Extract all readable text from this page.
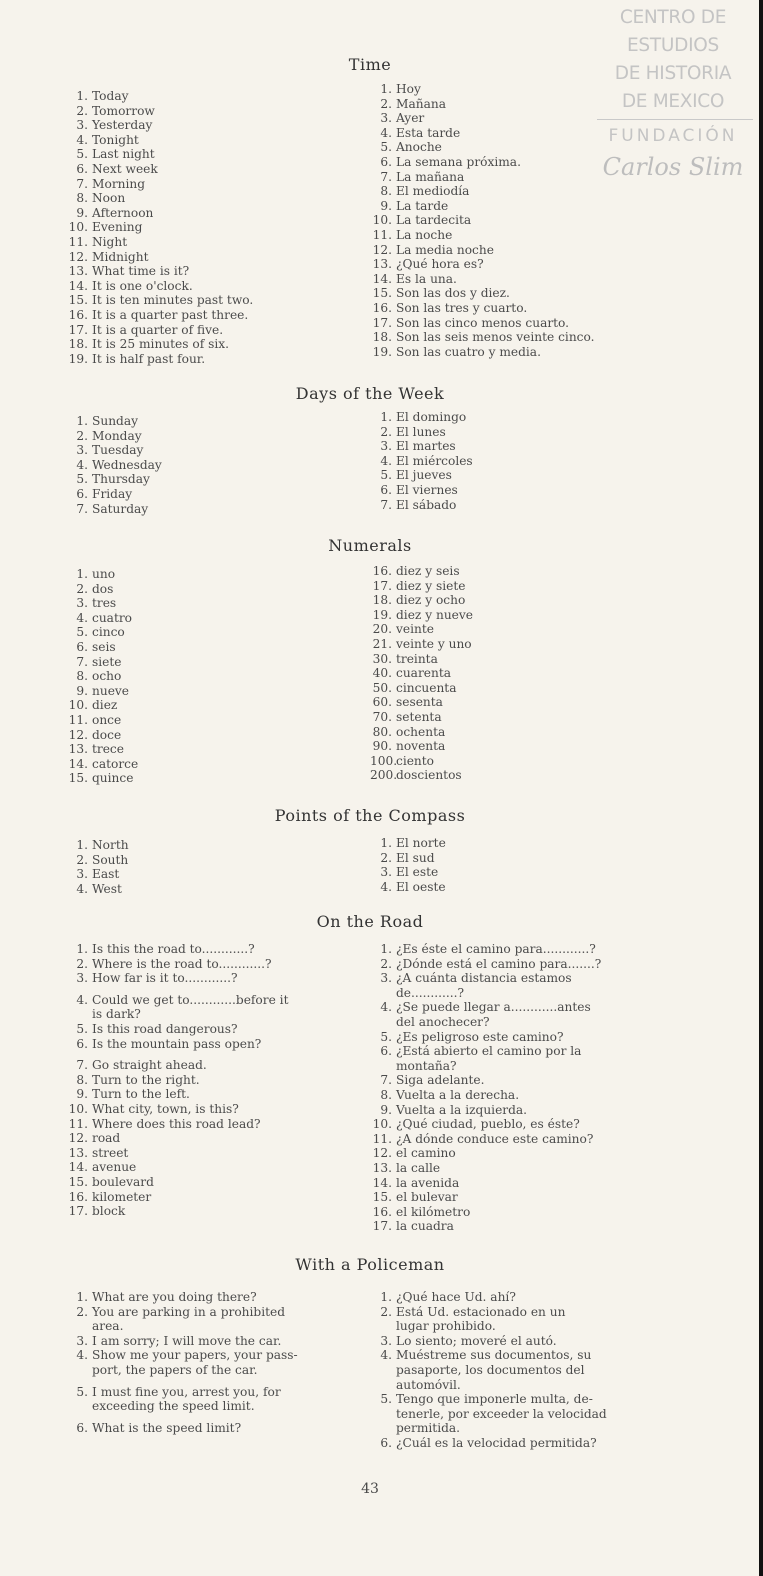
CENTRO DE
ESTUDIOS
DE HISTORIA
DE MEXICO
FUNDACIÓN
Carlos Slim
Time
1. Today
2. Tomorrow
3. Yesterday
4. Tonight
5. Last night
6. Next week
7. Morning
8. Noon
9. Afternoon
10. Evening
11. Night
12. Midnight
13. What time is it?
14. It is one o'clock.
15. It is ten minutes past two.
16. It is a quarter past three.
17. It is a quarter of five.
18. It is 25 minutes of six.
19. It is half past four.
1. Hoy
2. Mañana
3. Ayer
4. Esta tarde
5. Anoche
6. La semana próxima.
7. La mañana
8. El mediodía
9. La tarde
10. La tardecita
11. La noche
12. La media noche
13. ¿Qué hora es?
14. Es la una.
15. Son las dos y diez.
16. Son las tres y cuarto.
17. Son las cinco menos cuarto.
18. Son las seis menos veinte cinco.
19. Son las cuatro y media.
Days of the Week
1. Sunday
2. Monday
3. Tuesday
4. Wednesday
5. Thursday
6. Friday
7. Saturday
1. El domingo
2. El lunes
3. El martes
4. El miércoles
5. El jueves
6. El viernes
7. El sábado
Numerals
1. uno
2. dos
3. tres
4. cuatro
5. cinco
6. seis
7. siete
8. ocho
9. nueve
10. diez
11. once
12. doce
13. trece
14. catorce
15. quince
16. diez y seis
17. diez y siete
18. diez y ocho
19. diez y nueve
20. veinte
21. veinte y uno
30. treinta
40. cuarenta
50. cincuenta
60. sesenta
70. setenta
80. ochenta
90. noventa
100.
ciento
200.
doscientos
Points of the Compass
1. North
2. South
3. East
4. West
1. El norte
2. El sud
3. El este
4. El oeste
On the Road
1. Is this the road to............?
2. Where is the road to............?
3. How far is it to............?
4. Could we get to............before it
is dark?
5. Is this road dangerous?
6. Is the mountain pass open?
7. Go straight ahead.
8. Turn to the right.
9. Turn to the left.
10. What city, town, is this?
11. Where does this road lead?
12. road
13. street
14. avenue
15. boulevard
16. kilometer
17. block
1. ¿Es éste el camino para............?
2. ¿Dónde está el camino para.......?
3. ¿A cuánta distancia estamos
de............?
4. ¿Se puede llegar a............antes
del anochecer?
5. ¿Es peligroso este camino?
6. ¿Está abierto el camino por la
montaña?
7. Siga adelante.
8. Vuelta a la derecha.
9. Vuelta a la izquierda.
10. ¿Qué ciudad, pueblo, es éste?
11. ¿A dónde conduce este camino?
12. el camino
13. la calle
14. la avenida
15. el bulevar
16. el kilómetro
17. la cuadra
With a Policeman
1. What are you doing there?
2. You are parking in a prohibited
area.
3. I am sorry; I will move the car.
4. Show me your papers, your pass-
port, the papers of the car.
5. I must fine you, arrest you, for
exceeding the speed limit.
6. What is the speed limit?
1. ¿Qué hace Ud. ahí?
2. Está Ud. estacionado en un
lugar prohibido.
3. Lo siento; moveré el autó.
4. Muéstreme sus documentos, su
pasaporte, los documentos del
automóvil.
5. Tengo que imponerle multa, de-
tenerle, por exceeder la velocidad
permitida.
6. ¿Cuál es la velocidad permitida?
43
